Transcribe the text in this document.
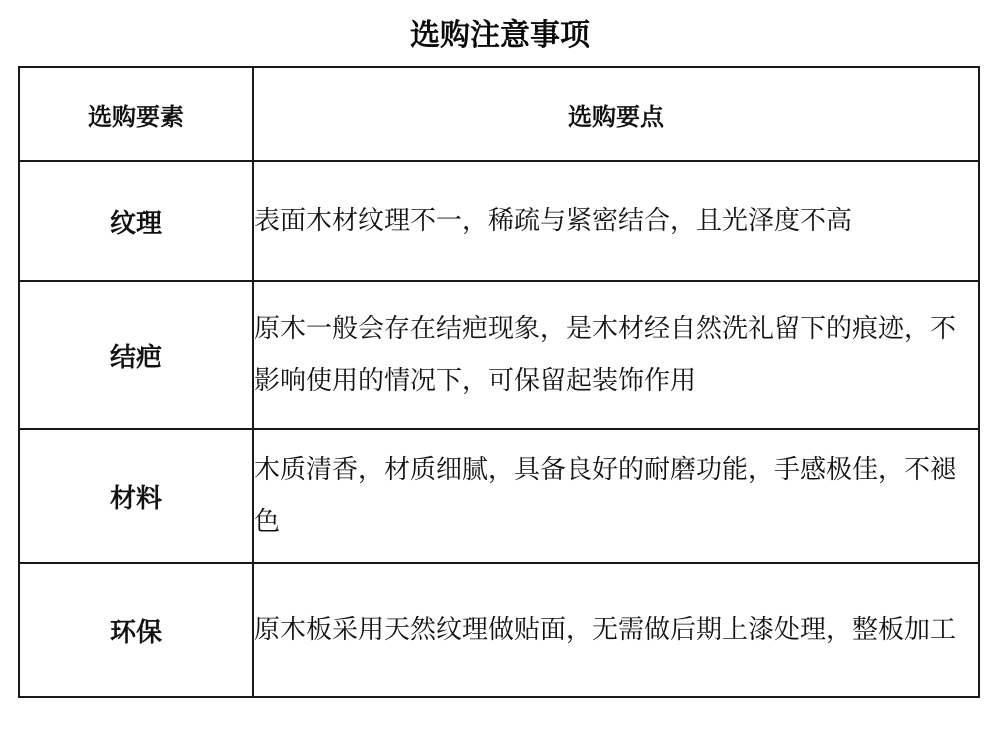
选购注意事项
选购要素	选购要点
纹理	表面木材纹理不一，稀疏与紧密结合，且光泽度不高
结疤	原木一般会存在结疤现象，是木材经自然洗礼留下的痕迹，不影响使用的情况下，可保留起装饰作用
材料	木质清香，材质细腻，具备良好的耐磨功能，手感极佳，不褪色
环保	原木板采用天然纹理做贴面，无需做后期上漆处理，整板加工
